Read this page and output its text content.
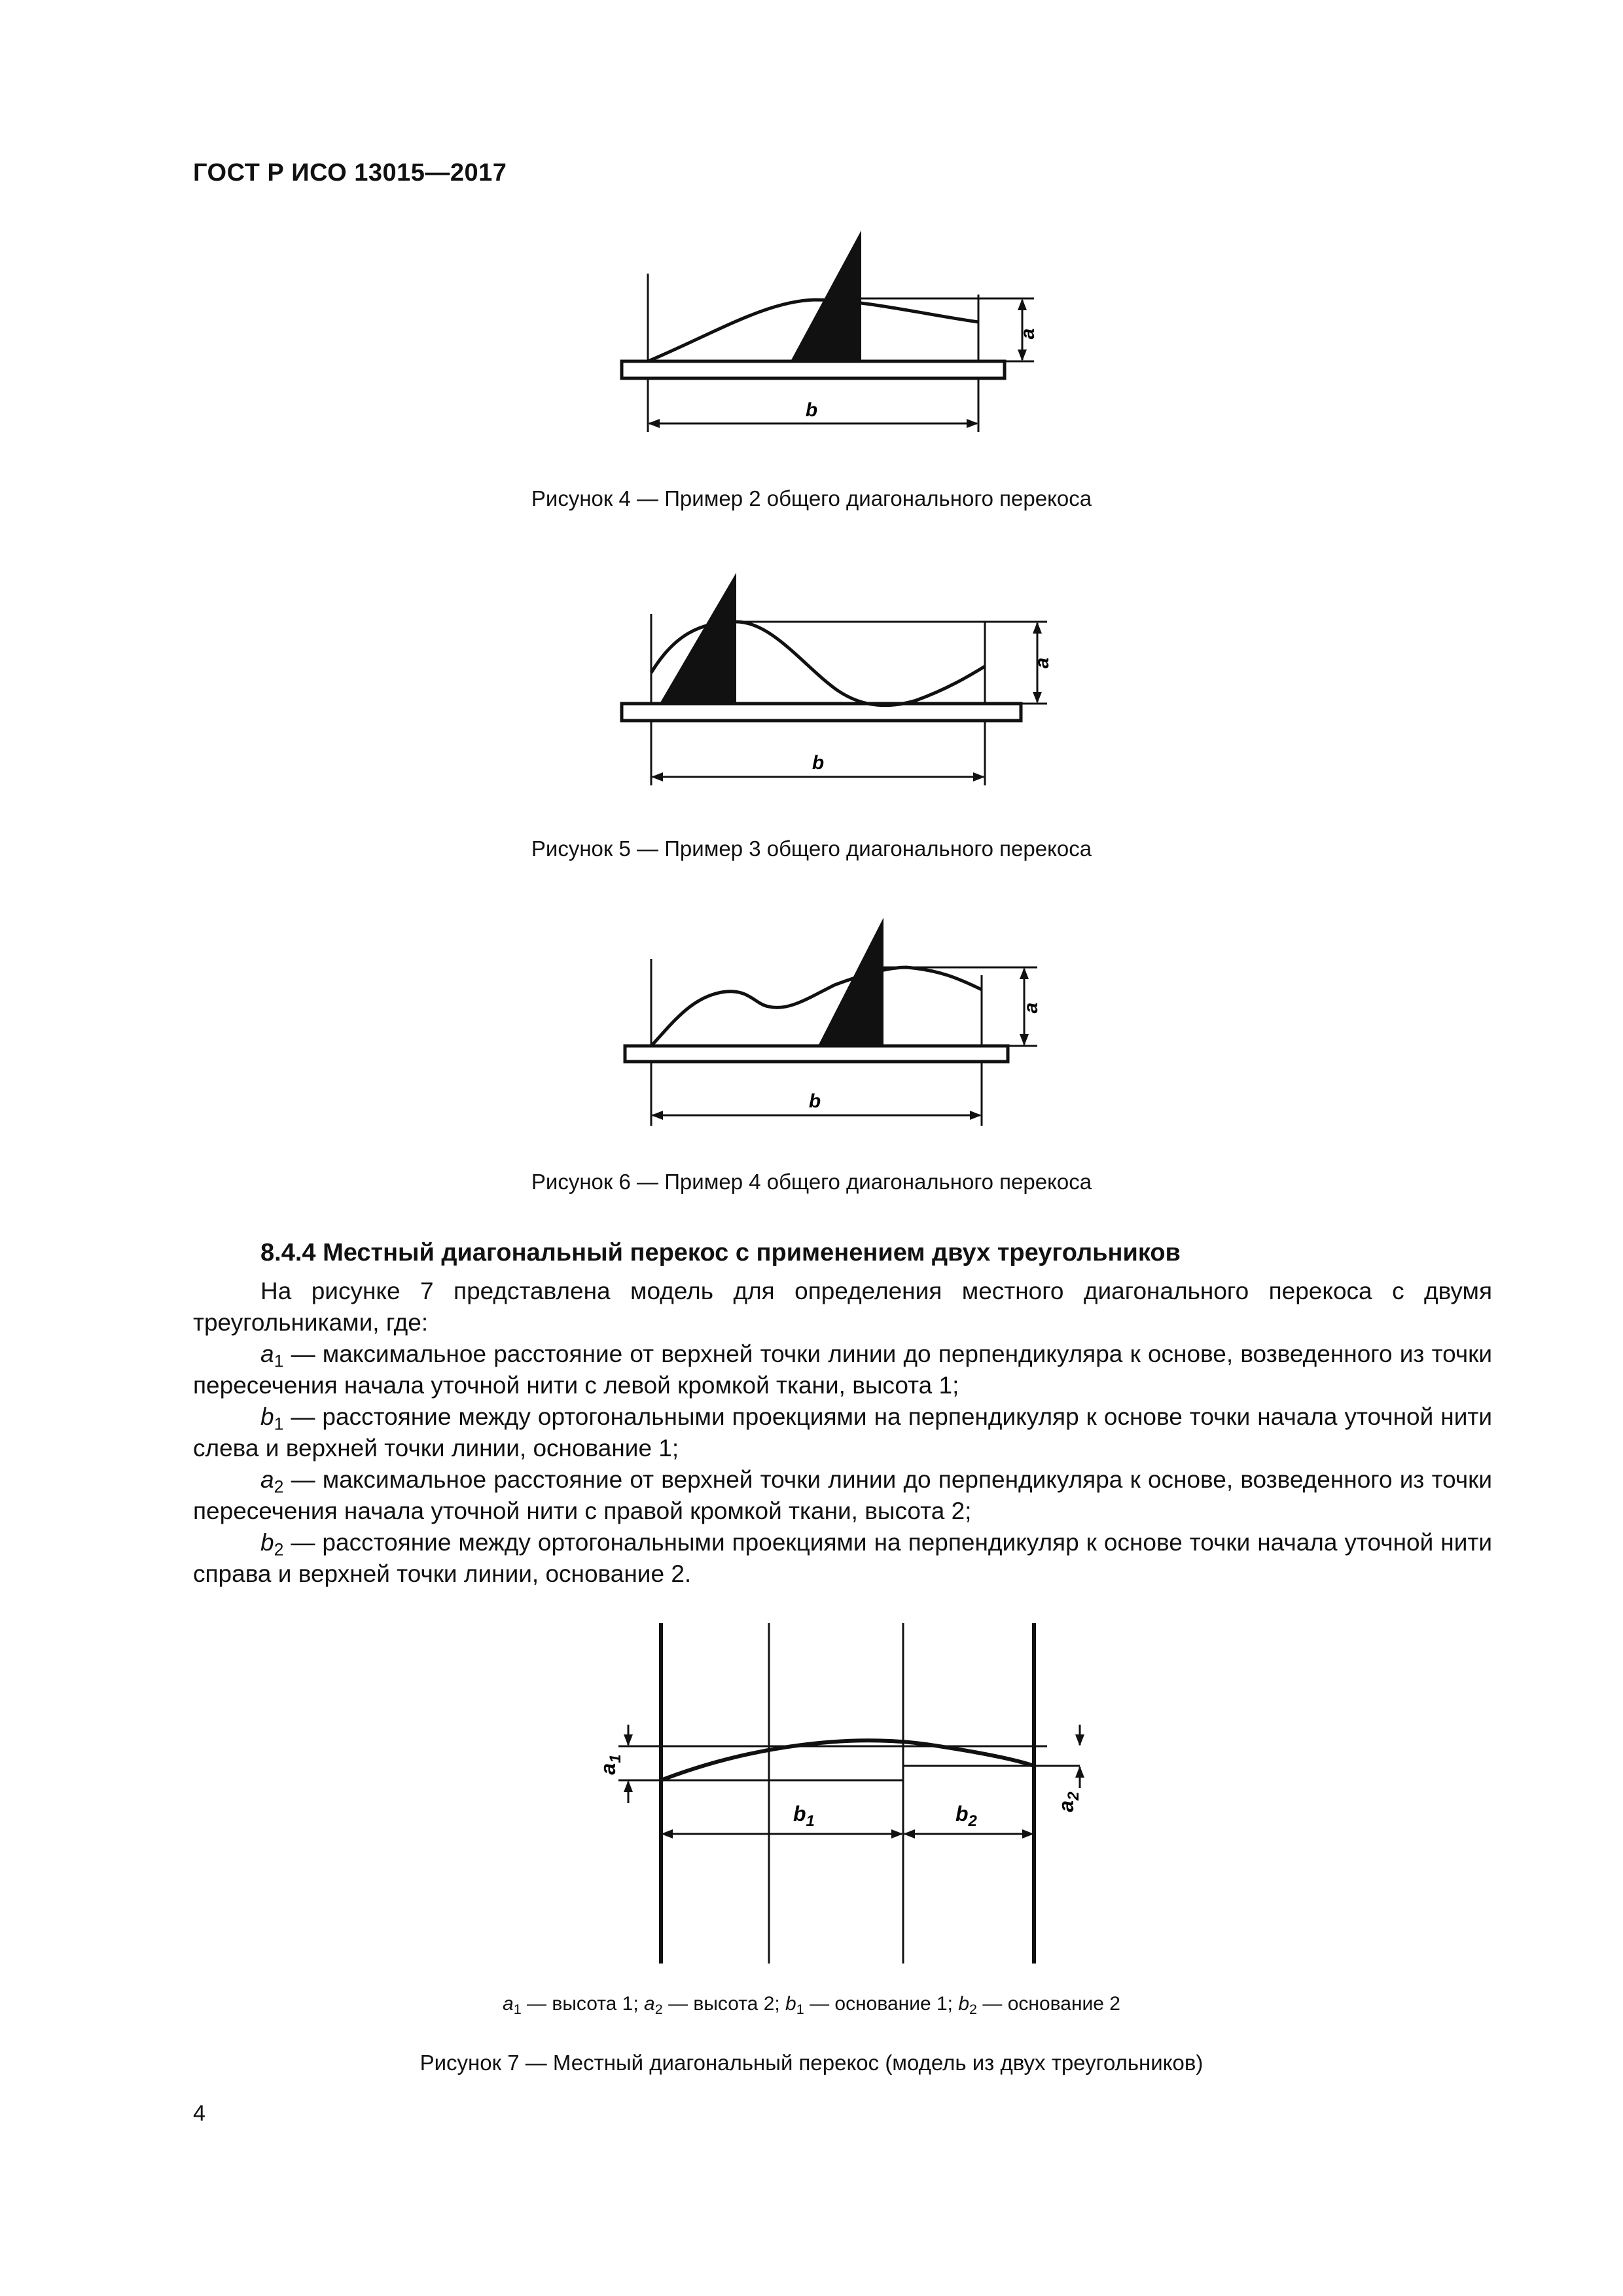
ГОСТ Р ИСО 13015—2017
a
b
Рисунок 4 — Пример 2 общего диагонального перекоса
a
b
Рисунок 5 — Пример 3 общего диагонального перекоса
a
b
Рисунок 6 — Пример 4 общего диагонального перекоса
8.4.4 Местный диагональный перекос с применением двух треугольников

На рисунке 7 представлена модель для определения местного диагонального перекоса с двумя треугольниками, где:

$a_1$ — максимальное расстояние от верхней точки линии до перпендикуляра к основе, возведенного из точки пересечения начала уточной нити с левой кромкой ткани, высота 1;

$b_1$ — расстояние между ортогональными проекциями на перпендикуляр к основе точки начала уточной нити слева и верхней точки линии, основание 1;

$a_2$ — максимальное расстояние от верхней точки линии до перпендикуляра к основе, возведенного из точки пересечения начала уточной нити с правой кромкой ткани, высота 2;

$b_2$ — расстояние между ортогональными проекциями на перпендикуляр к основе точки начала уточной нити справа и верхней точки линии, основание 2.

$a_1$
$a_2$
$b_1$	$b_2$
$a_1$ — высота 1; $a_2$ — высота 2; $b_1$ — основание 1; $b_2$ — основание 2
Рисунок 7 — Местный диагональный перекос (модель из двух треугольников)
4
